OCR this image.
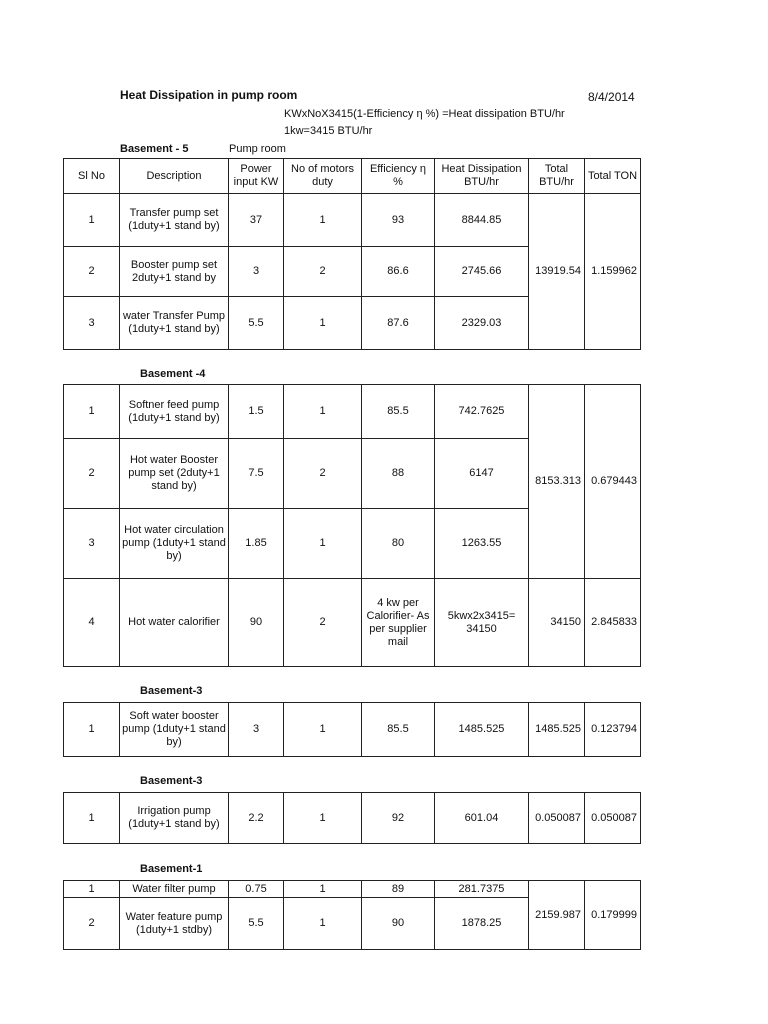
Heat Dissipation in pump room	8/4/2014
KWxNoX3415(1-Efficiency η %) =Heat dissipation BTU/hr
1kw=3415 BTU/hr
Basement - 5	Pump room
Sl No	Description	Power input KW	No of motors duty	Efficiency η %	Heat Dissipation BTU/hr	Total BTU/hr	Total TON
1	Transfer pump set (1duty+1 stand by)	37	1	93	8844.85	13919.54	1.159962
2	Booster pump set 2duty+1 stand by	3	2	86.6	2745.66		
3	water Transfer Pump (1duty+1 stand by)	5.5	1	87.6	2329.03		
Basement -4
1	Softner feed pump (1duty+1 stand by)	1.5	1	85.5	742.7625	8153.313	0.679443
2	Hot water Booster pump set (2duty+1 stand by)	7.5	2	88	6147		
3	Hot water circulation pump (1duty+1 stand by)	1.85	1	80	1263.55		
4	Hot water calorifier	90	2	4 kw per Calorifier- As per supplier mail	5kwx2x3415= 34150	34150	2.845833
Basement-3
1	Soft water booster pump (1duty+1 stand by)	3	1	85.5	1485.525	1485.525	0.123794
Basement-3
1	Irrigation pump (1duty+1 stand by)	2.2	1	92	601.04	0.050087	0.050087
Basement-1
1	Water filter pump	0.75	1	89	281.7375	2159.987	0.179999
2	Water feature pump (1duty+1 stdby)	5.5	1	90	1878.25		
